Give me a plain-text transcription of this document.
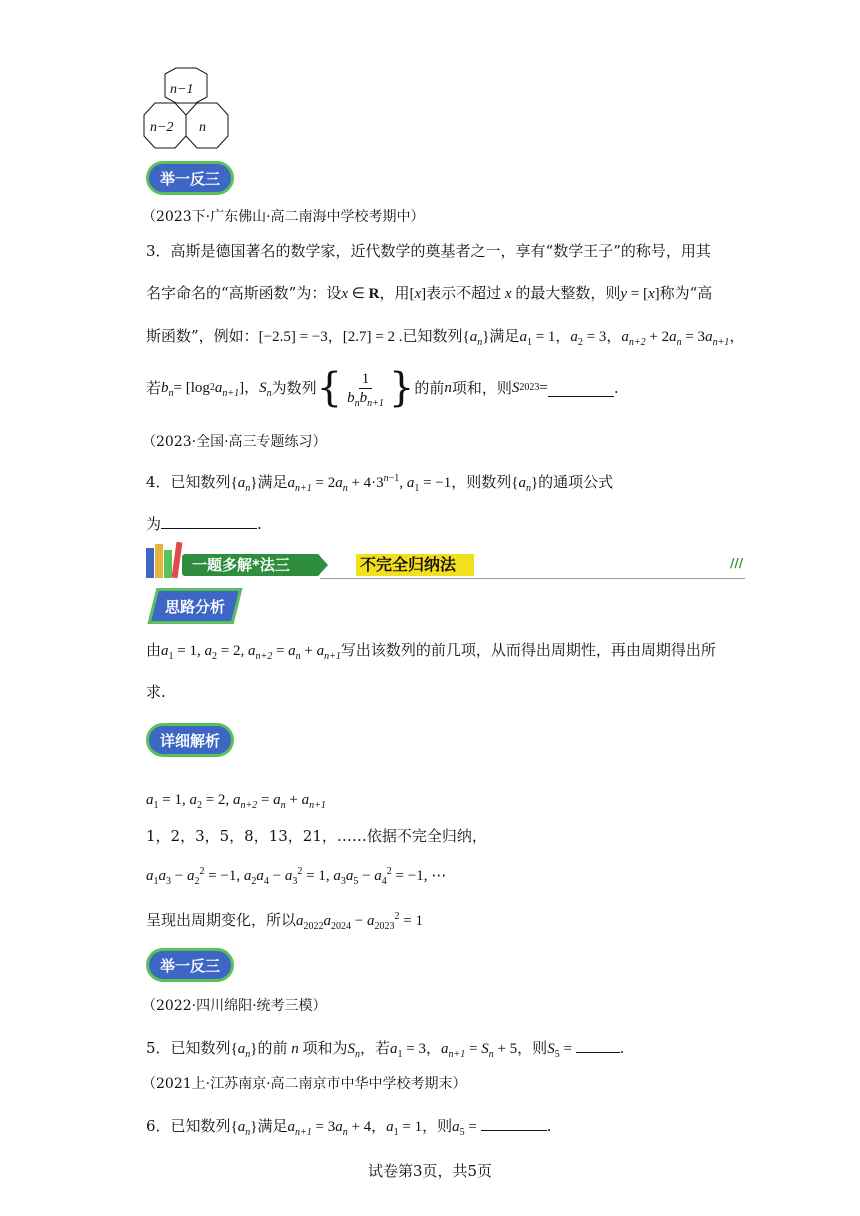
n−1
n−2 n
举一反三
（2023下·广东佛山·高二南海中学校考期中）
3．高斯是德国著名的数学家，近代数学的奠基者之一，享有“数学王子”的称号，用其
名字命名的“高斯函数”为：设x ∈ R，用[x]表示不超过 x 的最大整数，则y = [x]称为“高
斯函数”，例如：[−2.5] = −3，[2.7] = 2 .已知数列$\{a_n\}$满足$a_1 = 1$，$a_2 = 3$，$a_{n+2} + 2a_n = 3a_{n+1}$，
若 $b_n = [\log$ 2 $a_{n+1}$ ]， $S_n$ 为数列 { $\frac{1}{b_nb_{n+1}}$ } 的前 n 项和，则 S 2023 =	.
（2023·全国·高三专题练习）
4．已知数列$\{a_n\}$满足$a_{n+1} = 2a_n + 4\cdot 3^{n-1}$, $a_1 = -1$，则数列$\{a_n\}$的通项公式
为	.
一题多解*法三	不完全归纳法	///
思路分析
由$a_1 = 1$, $a_2 = 2$, $a_{n+2} = a_n + a_{n+1}$写出该数列的前几项，从而得出周期性，再由周期得出所
求.
详细解析
$a_1 = 1$, $a_2 = 2$, $a_{n+2} = a_n + a_{n+1}$
1，2，3，5，8，13，21，……依据不完全归纳，
$a_1a_3 - a_2^2 = -1$, $a_2a_4 - a_3^2 = 1$, $a_3a_5 - a_4^2 = -1$, ⋯
呈现出周期变化，所以$a_{2022}a_{2024} - a_{2023}^2 = 1$
举一反三
（2022·四川绵阳·统考三模）
5．已知数列$\{a_n\}$的前 n 项和为$S_n$，若$a_1 = 3$，$a_{n+1} = S_n + 5$，则$S_5$ =	.
（2021上·江苏南京·高二南京市中华中学校考期末）
6．已知数列$\{a_n\}$满足$a_{n+1} = 3a_n + 4$，$a_1 = 1$，则$a_5$ =	.
试卷第3页，共5页
